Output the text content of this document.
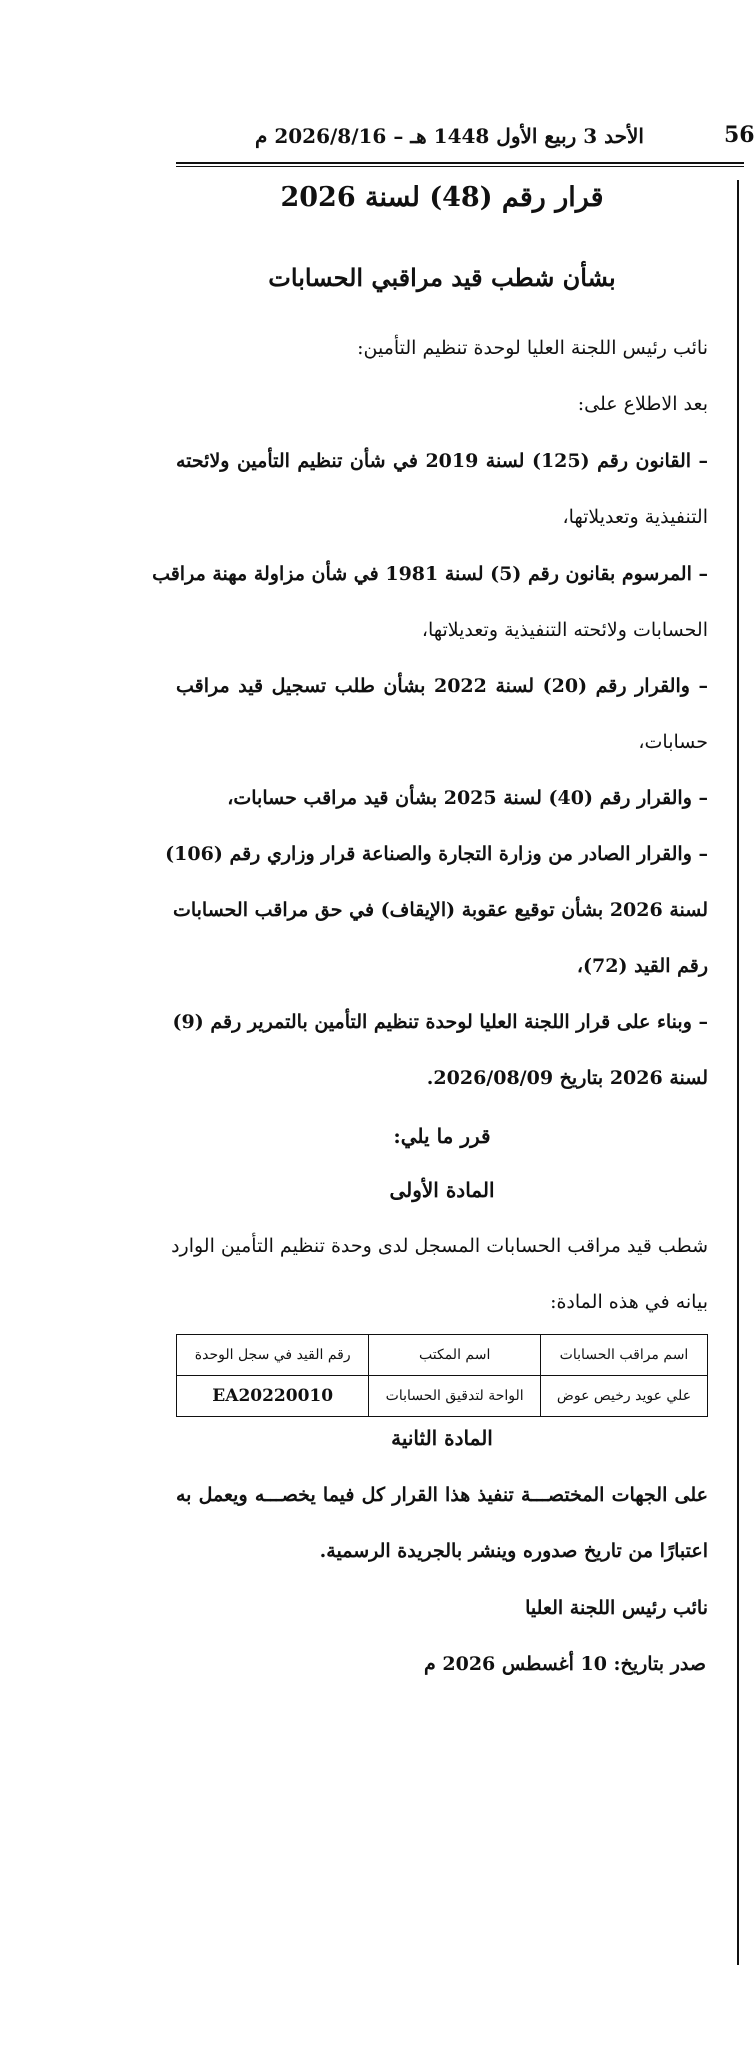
56
الأحد 3 ربيع الأول 1448 هـ – 2026/8/16 م
قرار رقم (48) لسنة 2026
بشأن شطب قيد مراقبي الحسابات
نائب رئيس اللجنة العليا لوحدة تنظيم التأمين:
بعد الاطلاع على:
– القانون رقم (125) لسنة 2019 في شأن تنظيم التأمين ولائحته
التنفيذية وتعديلاتها،
– المرسوم بقانون رقم (5) لسنة 1981 في شأن مزاولة مهنة مراقب
الحسابات ولائحته التنفيذية وتعديلاتها،
– والقرار رقم (20) لسنة 2022 بشأن طلب تسجيل قيد مراقب
حسابات،
– والقرار رقم (40) لسنة 2025 بشأن قيد مراقب حسابات،
– والقرار الصادر من وزارة التجارة والصناعة قرار وزاري رقم (106)
لسنة 2026 بشأن توقيع عقوبة (الإيقاف) في حق مراقب الحسابات
رقم القيد (72)،
– وبناء على قرار اللجنة العليا لوحدة تنظيم التأمين بالتمرير رقم (9)
لسنة 2026 بتاريخ 2026/08/09.
قرر ما يلي:
المادة الأولى
شطب قيد مراقب الحسابات المسجل لدى وحدة تنظيم التأمين الوارد
بيانه في هذه المادة:
اسم مراقب الحسابات	اسم المكتب	رقم القيد في سجل الوحدة
علي عويد رخيص عوض	الواحة لتدقيق الحسابات	EA20220010
المادة الثانية
على الجهات المختصـــة تنفيذ هذا القرار كل فيما يخصـــه ويعمل به
اعتبارًا من تاريخ صدوره وينشر بالجريدة الرسمية.
نائب رئيس اللجنة العليا
صدر بتاريخ: 10 أغسطس 2026 م
